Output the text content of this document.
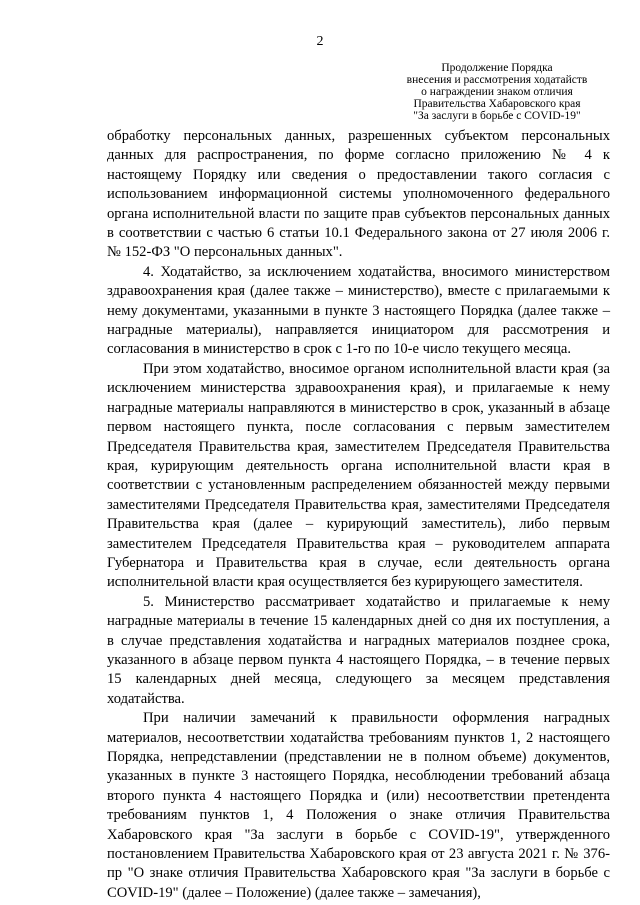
2
Продолжение Порядка
внесения и рассмотрения ходатайств
о награждении знаком отличия
Правительства Хабаровского края
"За заслуги в борьбе с COVID-19"

обработку персональных данных, разрешенных субъектом персональных данных для распространения, по форме согласно приложению № 4 к настоящему Порядку или сведения о предоставлении такого согласия с использованием информационной системы уполномоченного федерального органа исполнительной власти по защите прав субъектов персональных данных в соответствии с частью 6 статьи 10.1 Федерального закона от 27 июля 2006 г. № 152-ФЗ "О персональных данных".

4. Ходатайство, за исключением ходатайства, вносимого министерством здравоохранения края (далее также – министерство), вместе с прилагаемыми к нему документами, указанными в пункте 3 настоящего Порядка (далее также – наградные материалы), направляется инициатором для рассмотрения и согласования в министерство в срок с 1-го по 10-е число текущего месяца.

При этом ходатайство, вносимое органом исполнительной власти края (за исключением министерства здравоохранения края), и прилагаемые к нему наградные материалы направляются в министерство в срок, указанный в абзаце первом настоящего пункта, после согласования с первым заместителем Председателя Правительства края, заместителем Председателя Правительства края, курирующим деятельность органа исполнительной власти края в соответствии с установленным распределением обязанностей между первыми заместителями Председателя Правительства края, заместителями Председателя Правительства края (далее – курирующий заместитель), либо первым заместителем Председателя Правительства края – руководителем аппарата Губернатора и Правительства края в случае, если деятельность органа исполнительной власти края осуществляется без курирующего заместителя.

5. Министерство рассматривает ходатайство и прилагаемые к нему наградные материалы в течение 15 календарных дней со дня их поступления, а в случае представления ходатайства и наградных материалов позднее срока, указанного в абзаце первом пункта 4 настоящего Порядка, – в течение первых 15 календарных дней месяца, следующего за месяцем представления ходатайства.

При наличии замечаний к правильности оформления наградных материалов, несоответствии ходатайства требованиям пунктов 1, 2 настоящего Порядка, непредставлении (представлении не в полном объеме) документов, указанных в пункте 3 настоящего Порядка, несоблюдении требований абзаца второго пункта 4 настоящего Порядка и (или) несоответствии претендента требованиям пунктов 1, 4 Положения о знаке отличия Правительства Хабаровского края "За заслуги в борьбе с COVID-19", утвержденного постановлением Правительства Хабаровского края от 23 августа 2021 г. № 376-пр "О знаке отличия Правительства Хабаровского края "За заслуги в борьбе с COVID-19" (далее – Положение) (далее также – замечания),
